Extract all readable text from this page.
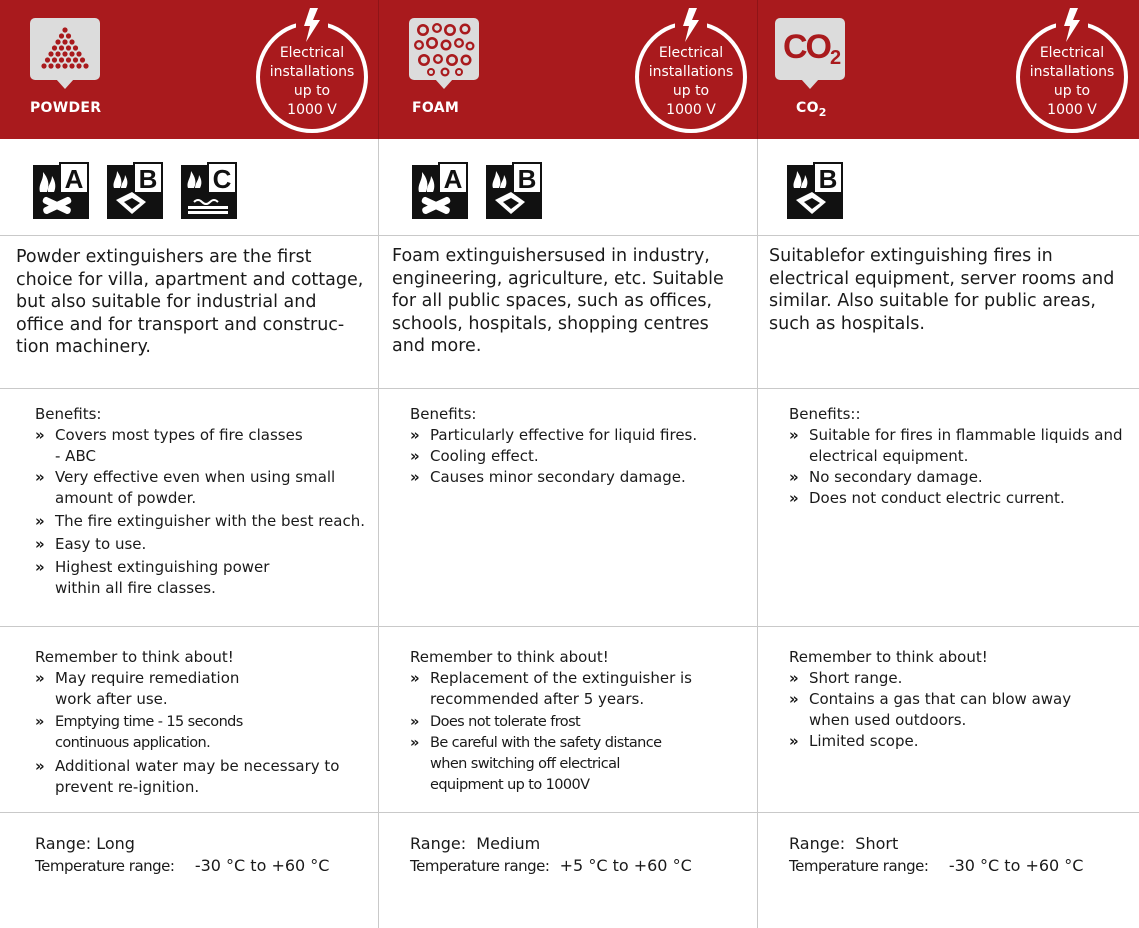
POWDER
Electrical
installations
up to
1000 V	FOAM
Electrical
installations
up to
1000 V
CO2
$CO_2$
Electrical
installations
up to
1000 V
A B C	A B	B
Powder extinguishers are the first
choice for villa, apartment and cottage,
but also suitable for industrial and
office and for transport and construc-
tion machinery.
Foam extinguishersused in industry,
engineering, agriculture, etc. Suitable
for all public spaces, such as offices,
schools, hospitals, shopping centres
and more.
Suitablefor extinguishing fires in
electrical equipment, server rooms and
similar. Also suitable for public areas,
such as hospitals.
Benefits:
» Covers most types of fire classes
- ABC
» Very effective even when using small
amount of powder.
» The fire extinguisher with the best reach.
» Easy to use.
» Highest extinguishing power
within all fire classes.
Benefits:
» Particularly effective for liquid fires.
» Cooling effect.
» Causes minor secondary damage.
Benefits::
» Suitable for fires in flammable liquids and
electrical equipment.
» No secondary damage.
» Does not conduct electric current.
Remember to think about!
» May require remediation
work after use.
» Emptying time - 15 seconds
continuous application.
» Additional water may be necessary to
prevent re-ignition.
Remember to think about!
» Replacement of the extinguisher is
recommended after 5 years.
» Does not tolerate frost
» Be careful with the safety distance
when switching off electrical
equipment up to 1000V
Remember to think about!
» Short range.
» Contains a gas that can blow away
when used outdoors.
» Limited scope.
Range: Long
Temperature range: -30 °C to +60 °C
Range: Medium
Temperature range: +5 °C to +60 °C
Range: Short
Temperature range: -30 °C to +60 °C
